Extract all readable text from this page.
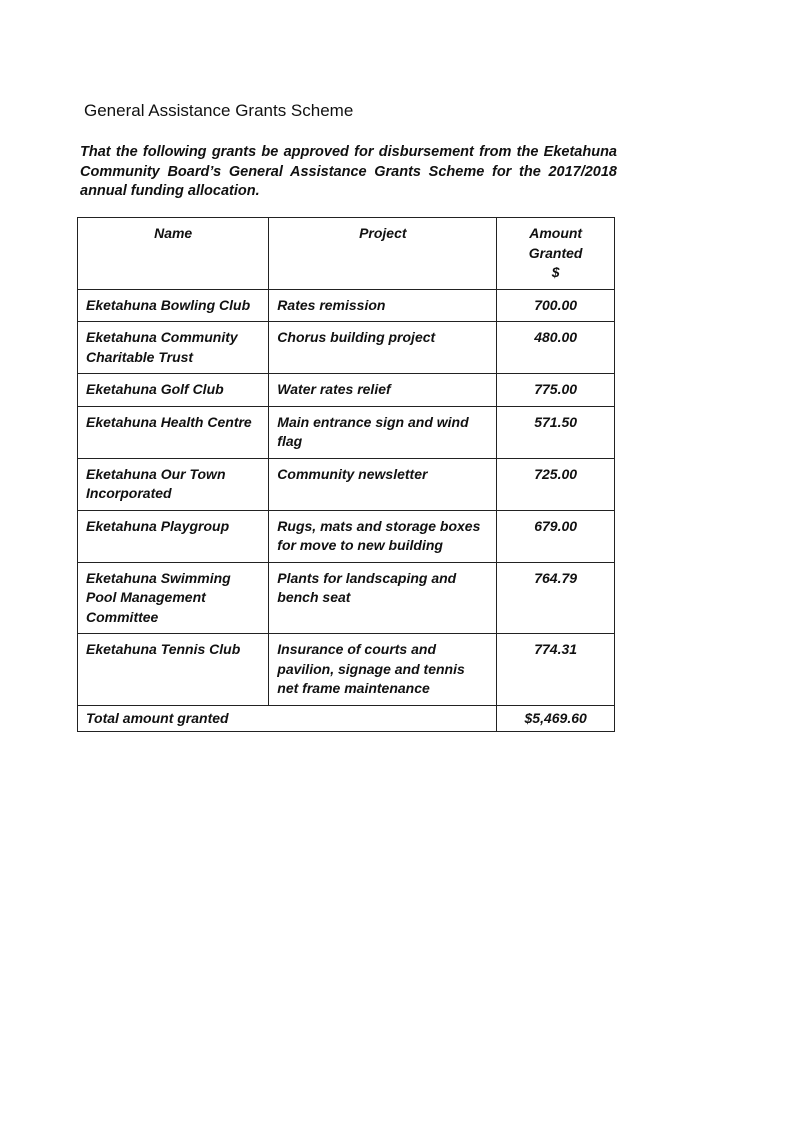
General Assistance Grants Scheme

That the following grants be approved for disbursement from the Eketahuna Community Board’s General Assistance Grants Scheme for the 2017/2018 annual funding allocation.

Name	Project	Amount
Granted
$

Eketahuna Bowling Club	Rates remission	700.00
Eketahuna Community Charitable Trust	Chorus building project	480.00
Eketahuna Golf Club	Water rates relief	775.00
Eketahuna Health Centre	Main entrance sign and wind flag	571.50
Eketahuna Our Town Incorporated	Community newsletter	725.00
Eketahuna Playgroup	Rugs, mats and storage boxes for move to new building	679.00
Eketahuna Swimming Pool Management Committee	Plants for landscaping and bench seat	764.79
Eketahuna Tennis Club	Insurance of courts and pavilion, signage and tennis net frame maintenance	774.31
Total amount granted		$5,469.60
